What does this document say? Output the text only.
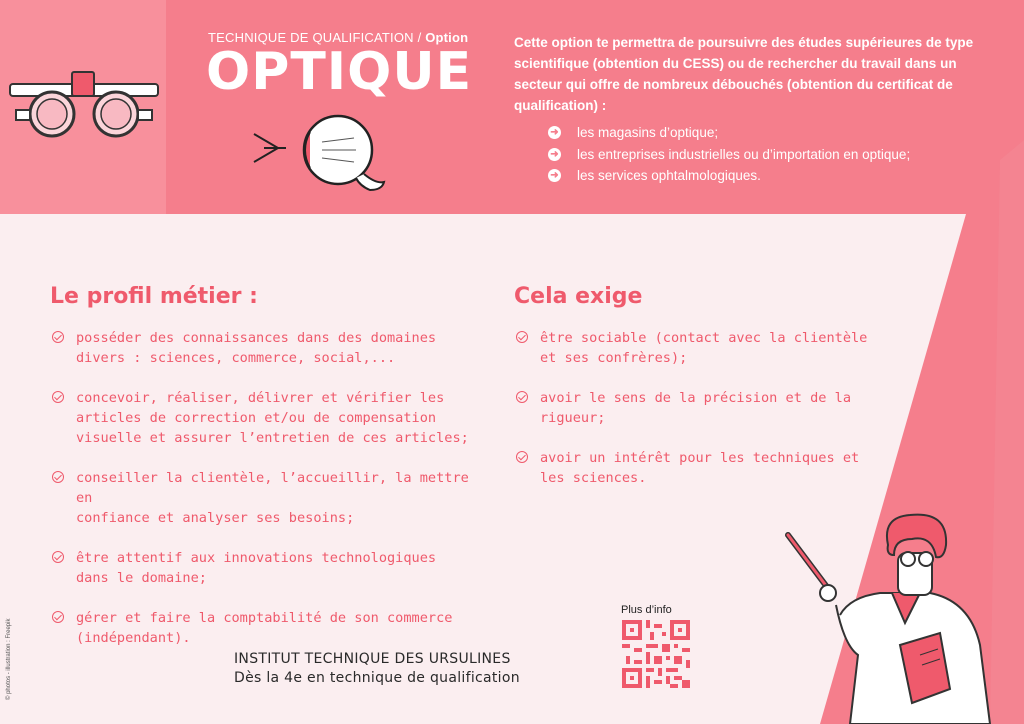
TECHNIQUE DE QUALIFICATION / Option
OPTIQUE	Cette option te permettra de poursuivre des études supérieures de type scientifique (obtention du CESS) ou de rechercher du travail dans un secteur qui offre de nombreux débouchés (obtention du certificat de qualification) :
➜ les magasins d’optique;
➜ les entreprises industrielles ou d’importation en optique;
➜ les services ophtalmologiques.
Le profil métier :
posséder des connaissances dans des domaines
divers : sciences, commerce, social,...
concevoir, réaliser, délivrer et vérifier les
articles de correction et/ou de compensation
visuelle et assurer l’entretien de ces articles;
conseiller la clientèle, l’accueillir, la mettre en
confiance et analyser ses besoins;
être attentif aux innovations technologiques
dans le domaine;
gérer et faire la comptabilité de son commerce
(indépendant).
Cela exige
être sociable (contact avec la clientèle
et ses confrères);
avoir le sens de la précision et de la rigueur;
avoir un intérêt pour les techniques et
les sciences.
INSTITUT TECHNIQUE DES URSULINES
Dès la 4e en technique de qualification
Plus d’info
© photos - illustration : Freepik
